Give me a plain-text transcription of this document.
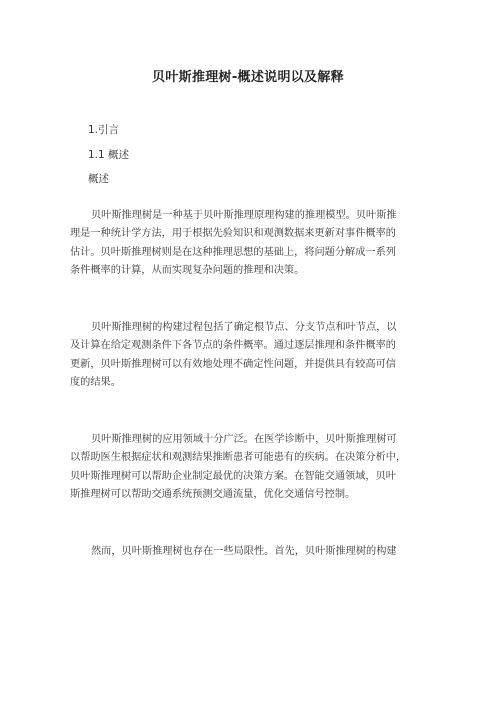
贝叶斯推理树-概述说明以及解释
1.引言
1.1 概述
概述
贝叶斯推理树是一种基于贝叶斯推理原理构建的推理模型。贝叶斯推
理是一种统计学方法，用于根据先验知识和观测数据来更新对事件概率的
估计。贝叶斯推理树则是在这种推理思想的基础上，将问题分解成一系列
条件概率的计算，从而实现复杂问题的推理和决策。
贝叶斯推理树的构建过程包括了确定根节点、分支节点和叶节点，以
及计算在给定观测条件下各节点的条件概率。通过逐层推理和条件概率的
更新，贝叶斯推理树可以有效地处理不确定性问题，并提供具有较高可信
度的结果。
贝叶斯推理树的应用领域十分广泛。在医学诊断中，贝叶斯推理树可
以帮助医生根据症状和观测结果推断患者可能患有的疾病。在决策分析中，
贝叶斯推理树可以帮助企业制定最优的决策方案。在智能交通领域，贝叶
斯推理树可以帮助交通系统预测交通流量，优化交通信号控制。
然而，贝叶斯推理树也存在一些局限性。首先，贝叶斯推理树的构建
